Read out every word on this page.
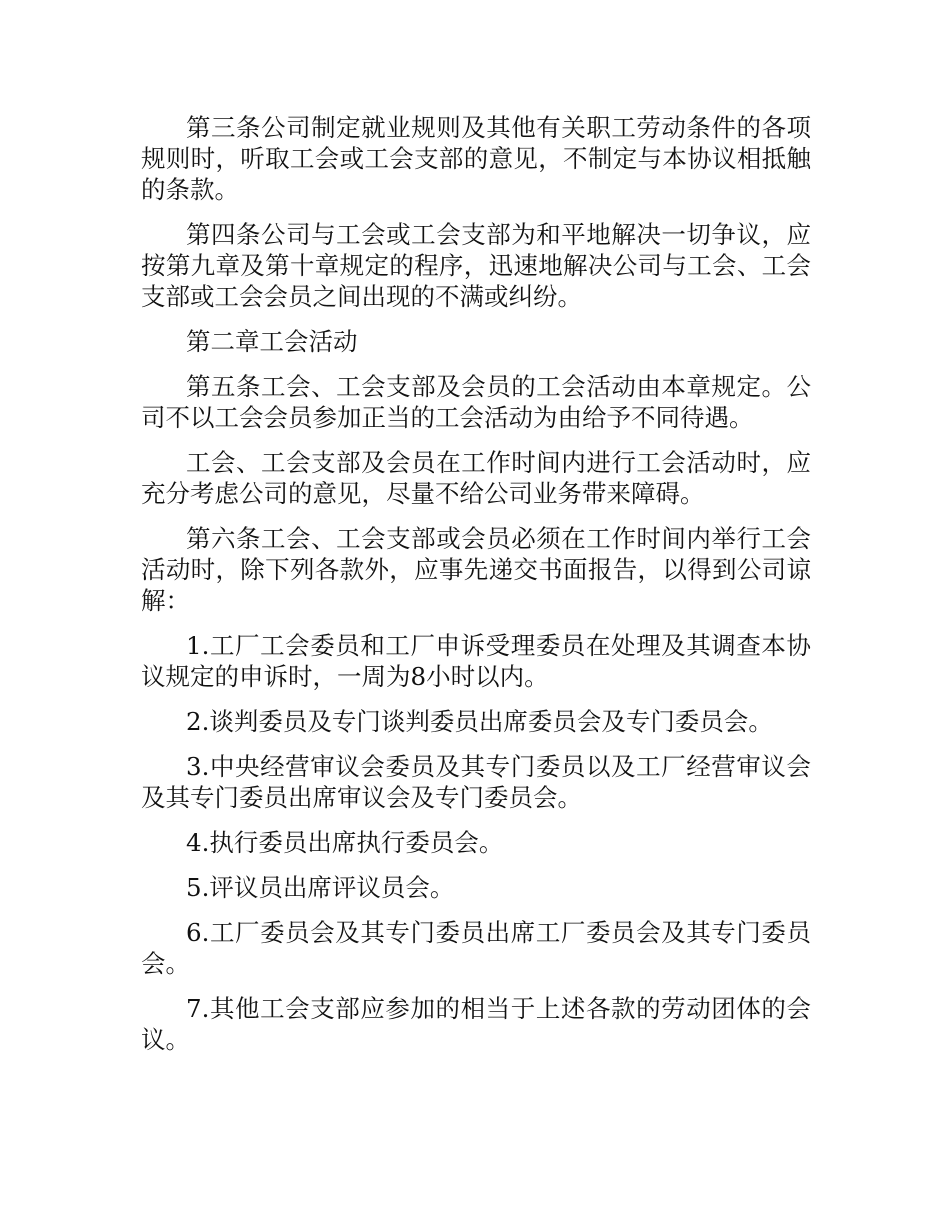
第三条公司制定就业规则及其他有关职工劳动条件的各项规则时，听取工会或工会支部的意见，不制定与本协议相抵触的条款。

第四条公司与工会或工会支部为和平地解决一切争议，应按第九章及第十章规定的程序，迅速地解决公司与工会、工会支部或工会会员之间出现的不满或纠纷。

第二章工会活动

第五条工会、工会支部及会员的工会活动由本章规定。公司不以工会会员参加正当的工会活动为由给予不同待遇。

工会、工会支部及会员在工作时间内进行工会活动时，应充分考虑公司的意见，尽量不给公司业务带来障碍。

第六条工会、工会支部或会员必须在工作时间内举行工会活动时，除下列各款外，应事先递交书面报告，以得到公司谅解：

1.工厂工会委员和工厂申诉受理委员在处理及其调查本协议规定的申诉时，一周为8小时以内。

2.谈判委员及专门谈判委员出席委员会及专门委员会。

3.中央经营审议会委员及其专门委员以及工厂经营审议会及其专门委员出席审议会及专门委员会。

4.执行委员出席执行委员会。

5.评议员出席评议员会。

6.工厂委员会及其专门委员出席工厂委员会及其专门委员会。

7.其他工会支部应参加的相当于上述各款的劳动团体的会议。
